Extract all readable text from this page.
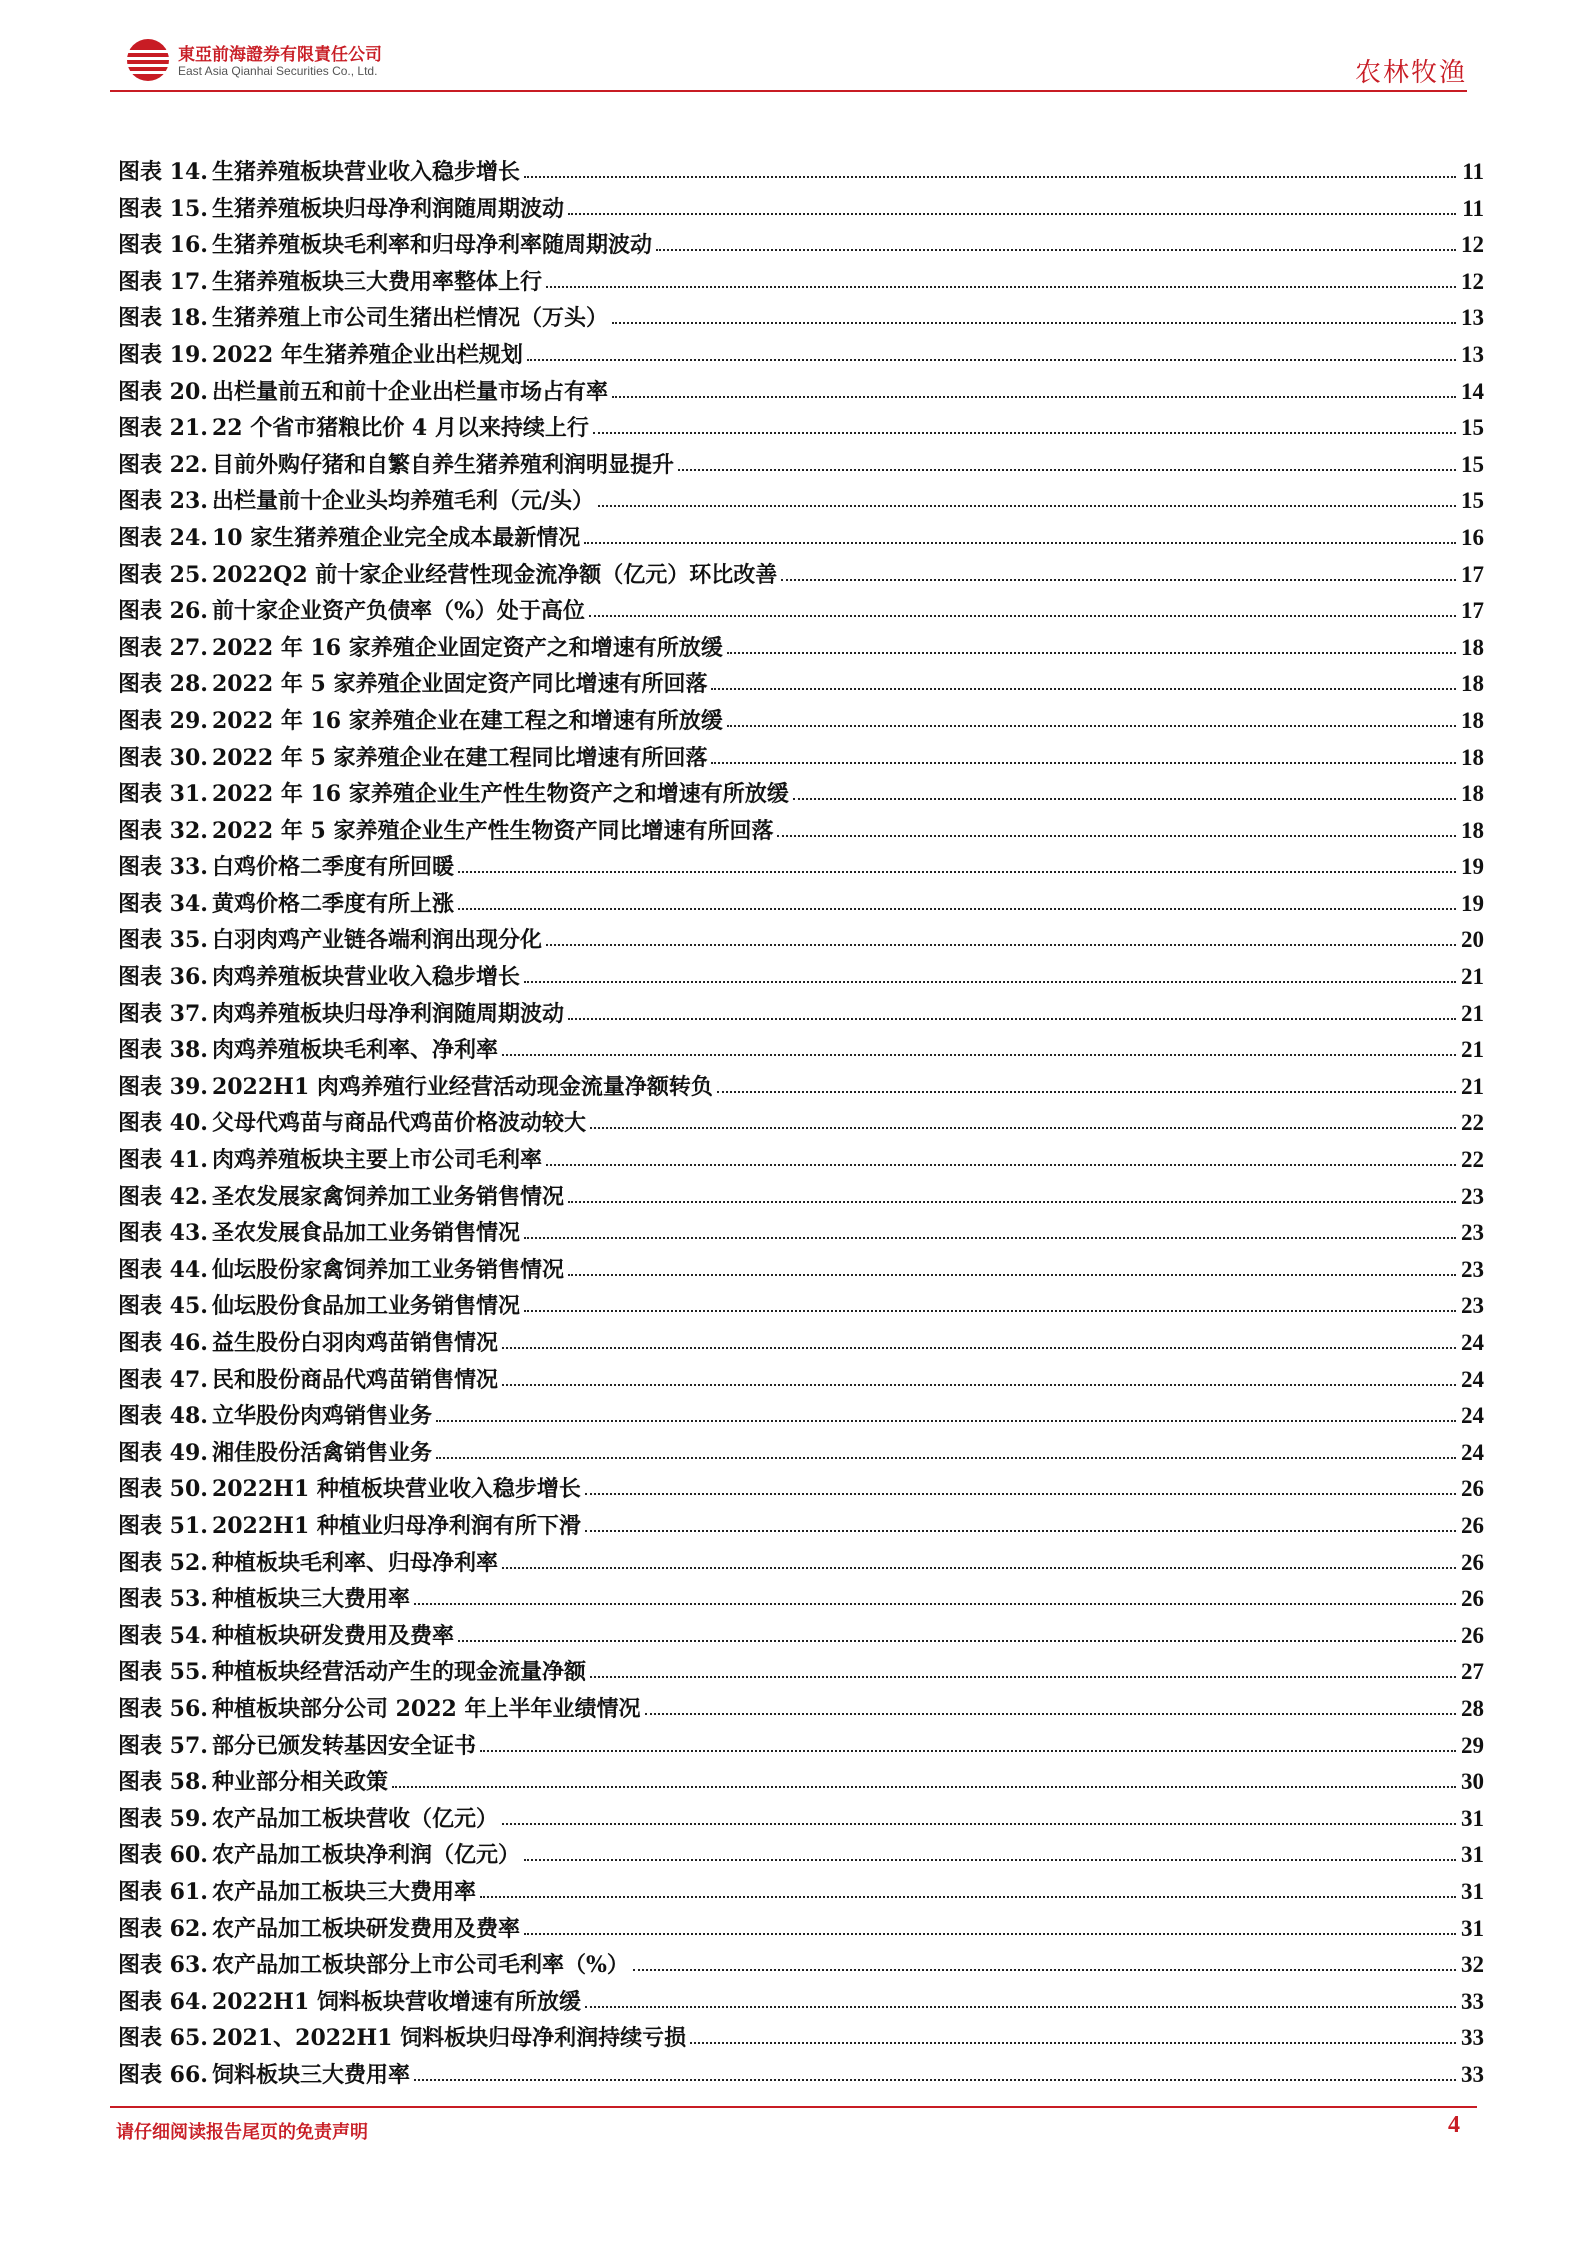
東亞前海證券有限責任公司
East Asia Qianhai Securities Co., Ltd.	农林牧渔
图表 14. 生猪养殖板块营业收入稳步增长	11
图表 15. 生猪养殖板块归母净利润随周期波动	11
图表 16. 生猪养殖板块毛利率和归母净利率随周期波动	12
图表 17. 生猪养殖板块三大费用率整体上行	12
图表 18. 生猪养殖上市公司生猪出栏情况（万头）	13
图表 19. 2022 年生猪养殖企业出栏规划	13
图表 20. 出栏量前五和前十企业出栏量市场占有率	14
图表 21. 22 个省市猪粮比价 4 月以来持续上行	15
图表 22. 目前外购仔猪和自繁自养生猪养殖利润明显提升	15
图表 23. 出栏量前十企业头均养殖毛利（元/头）	15
图表 24. 10 家生猪养殖企业完全成本最新情况	16
图表 25. 2022Q2 前十家企业经营性现金流净额（亿元）环比改善	17
图表 26. 前十家企业资产负债率（%）处于高位	17
图表 27. 2022 年 16 家养殖企业固定资产之和增速有所放缓	18
图表 28. 2022 年 5 家养殖企业固定资产同比增速有所回落	18
图表 29. 2022 年 16 家养殖企业在建工程之和增速有所放缓	18
图表 30. 2022 年 5 家养殖企业在建工程同比增速有所回落	18
图表 31. 2022 年 16 家养殖企业生产性生物资产之和增速有所放缓	18
图表 32. 2022 年 5 家养殖企业生产性生物资产同比增速有所回落	18
图表 33. 白鸡价格二季度有所回暖	19
图表 34. 黄鸡价格二季度有所上涨	19
图表 35. 白羽肉鸡产业链各端利润出现分化	20
图表 36. 肉鸡养殖板块营业收入稳步增长	21
图表 37. 肉鸡养殖板块归母净利润随周期波动	21
图表 38. 肉鸡养殖板块毛利率、净利率	21
图表 39. 2022H1 肉鸡养殖行业经营活动现金流量净额转负	21
图表 40. 父母代鸡苗与商品代鸡苗价格波动较大	22
图表 41. 肉鸡养殖板块主要上市公司毛利率	22
图表 42. 圣农发展家禽饲养加工业务销售情况	23
图表 43. 圣农发展食品加工业务销售情况	23
图表 44. 仙坛股份家禽饲养加工业务销售情况	23
图表 45. 仙坛股份食品加工业务销售情况	23
图表 46. 益生股份白羽肉鸡苗销售情况	24
图表 47. 民和股份商品代鸡苗销售情况	24
图表 48. 立华股份肉鸡销售业务	24
图表 49. 湘佳股份活禽销售业务	24
图表 50. 2022H1 种植板块营业收入稳步增长	26
图表 51. 2022H1 种植业归母净利润有所下滑	26
图表 52. 种植板块毛利率、归母净利率	26
图表 53. 种植板块三大费用率	26
图表 54. 种植板块研发费用及费率	26
图表 55. 种植板块经营活动产生的现金流量净额	27
图表 56. 种植板块部分公司 2022 年上半年业绩情况	28
图表 57. 部分已颁发转基因安全证书	29
图表 58. 种业部分相关政策	30
图表 59. 农产品加工板块营收（亿元）	31
图表 60. 农产品加工板块净利润（亿元）	31
图表 61. 农产品加工板块三大费用率	31
图表 62. 农产品加工板块研发费用及费率	31
图表 63. 农产品加工板块部分上市公司毛利率（%）	32
图表 64. 2022H1 饲料板块营收增速有所放缓	33
图表 65. 2021、2022H1 饲料板块归母净利润持续亏损	33
图表 66. 饲料板块三大费用率	33
请仔细阅读报告尾页的免责声明	4
